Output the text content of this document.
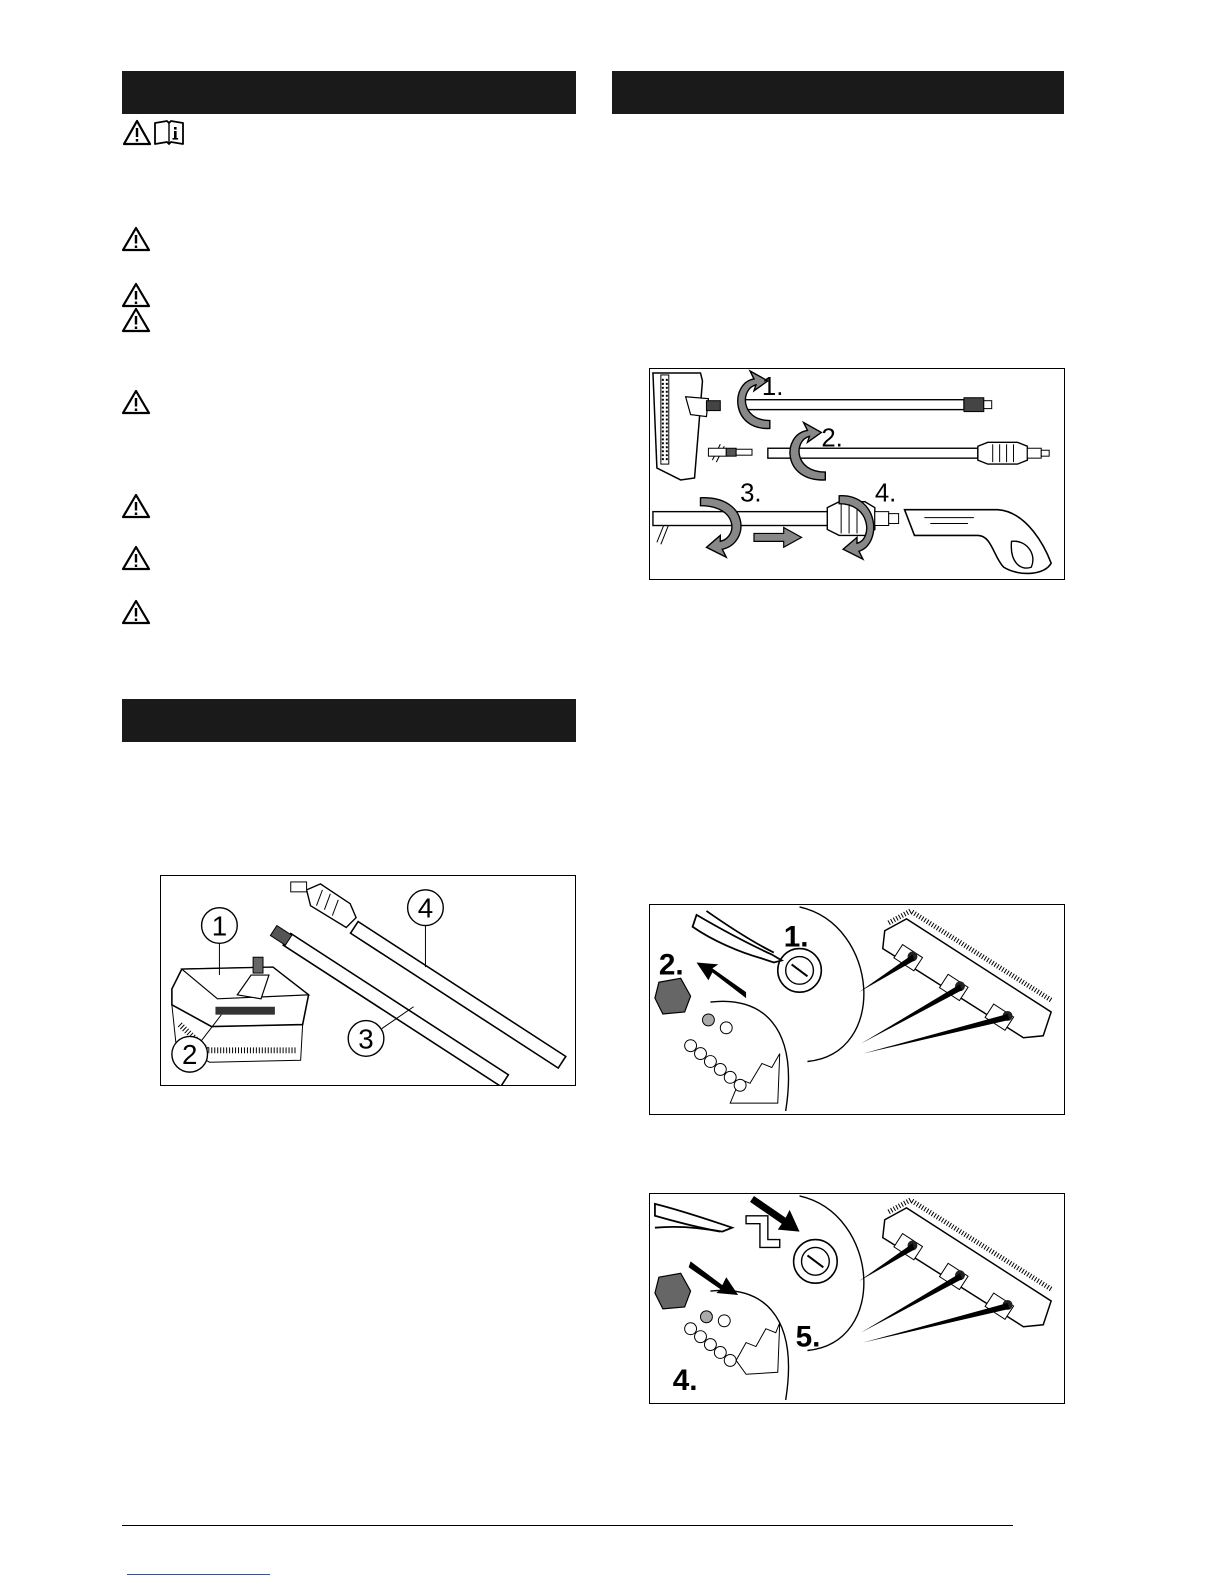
1.
2.
3.	4.
1
2
3
4
1.
2.
5.
4.
